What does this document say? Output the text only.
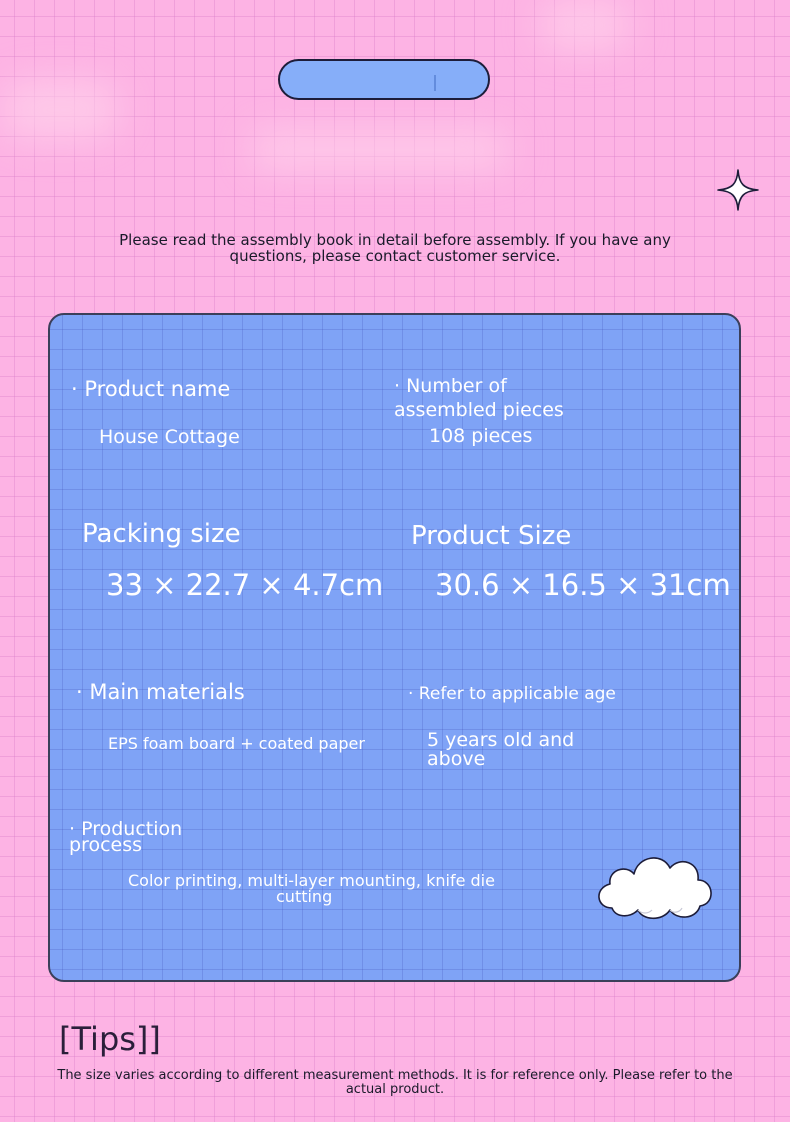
Please read the assembly book in detail before assembly. If you have any questions, please contact customer service.
· Product name
House Cottage
· Number of
assembled pieces
108 pieces
Packing size
33 × 22.7 × 4.7cm
Product Size
30.6 × 16.5 × 31cm
· Main materials
EPS foam board + coated paper
· Refer to applicable age
5 years old and
above
· Production
process
Color printing, multi-layer mounting, knife die
cutting
[Tips]]
The size varies according to different measurement methods. It is for reference only. Please refer to the actual product.
